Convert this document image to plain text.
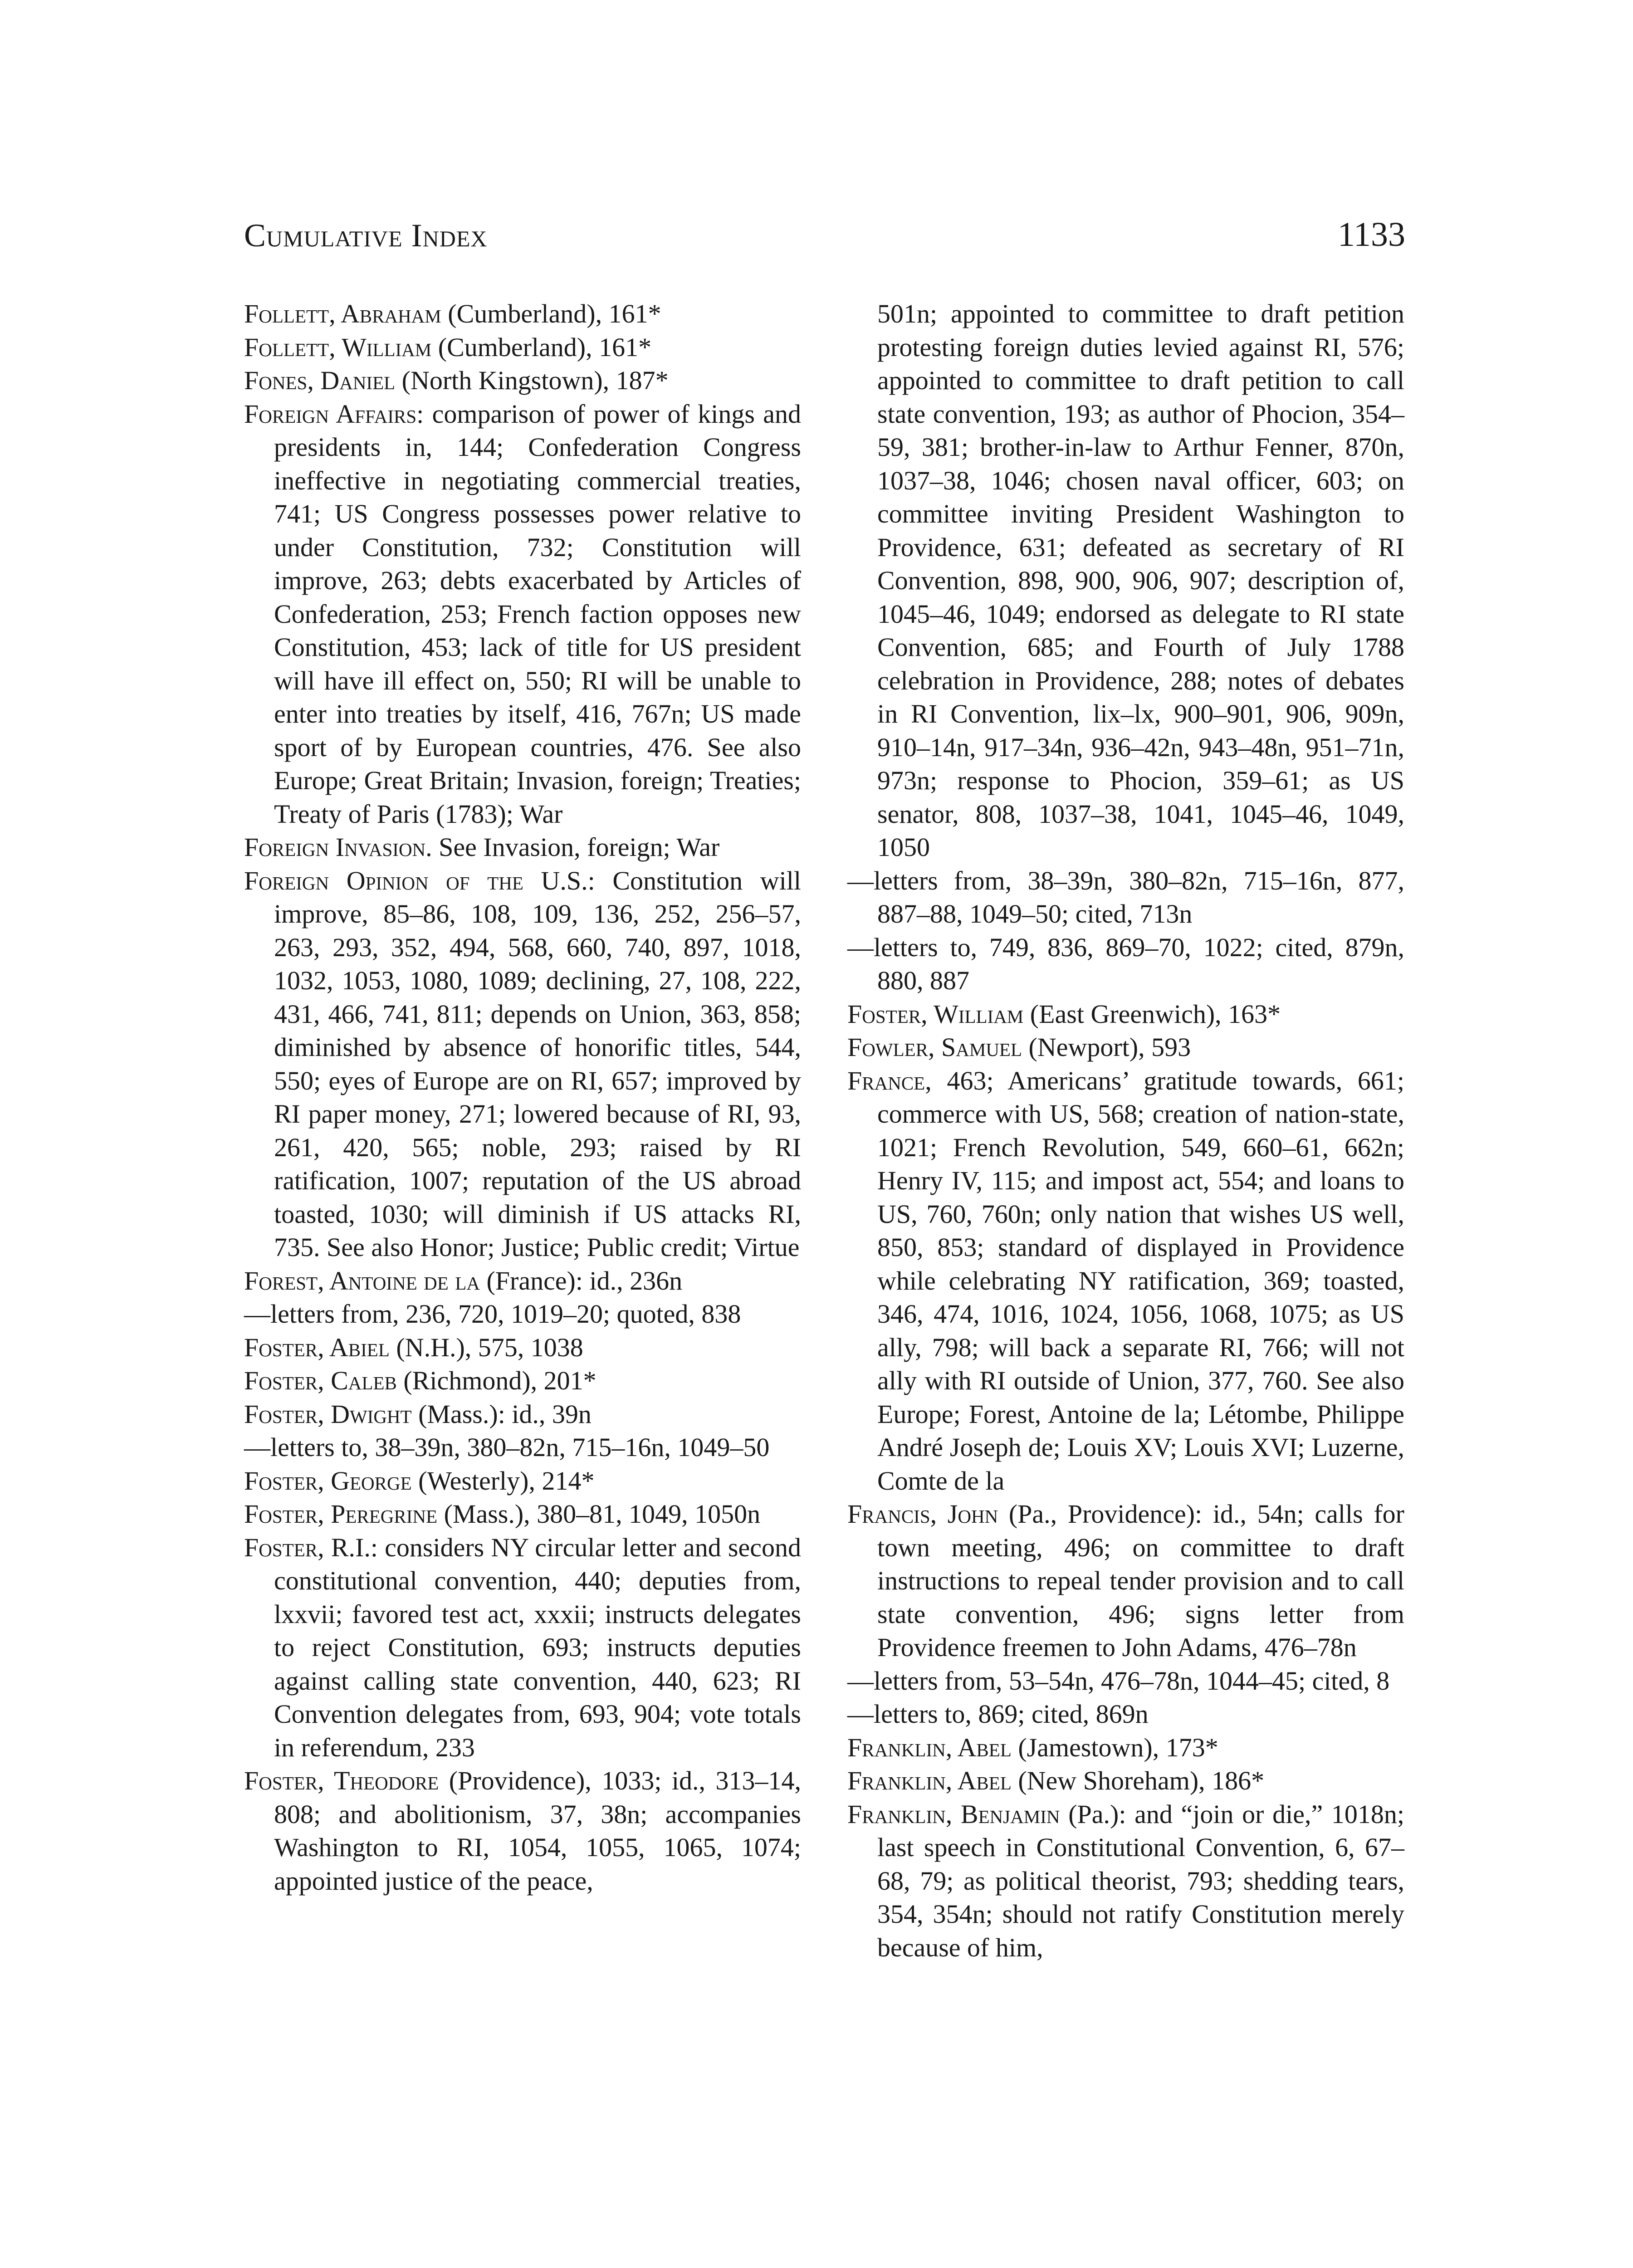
Cumulative Index	1133

Follett, Abraham (Cumberland), 161*

Follett, William (Cumberland), 161*

Fones, Daniel (North Kingstown), 187*

Foreign Affairs: comparison of power of kings and presidents in, 144; Confederation Congress ineffective in negotiating commercial treaties, 741; US Congress possesses power relative to under Constitution, 732; Constitution will improve, 263; debts exacerbated by Articles of Confederation, 253; French faction opposes new Constitution, 453; lack of title for US president will have ill effect on, 550; RI will be unable to enter into treaties by itself, 416, 767n; US made sport of by European countries, 476. See also Europe; Great Britain; Invasion, foreign; Treaties; Treaty of Paris (1783); War

Foreign Invasion. See Invasion, foreign; War

Foreign Opinion of the U.S.: Constitution will improve, 85–86, 108, 109, 136, 252, 256–57, 263, 293, 352, 494, 568, 660, 740, 897, 1018, 1032, 1053, 1080, 1089; declining, 27, 108, 222, 431, 466, 741, 811; depends on Union, 363, 858; diminished by absence of honorific titles, 544, 550; eyes of Europe are on RI, 657; improved by RI paper money, 271; lowered because of RI, 93, 261, 420, 565; noble, 293; raised by RI ratification, 1007; reputation of the US abroad toasted, 1030; will diminish if US attacks RI, 735. See also Honor; Justice; Public credit; Virtue

Forest, Antoine de la (France): id., 236n

—letters from, 236, 720, 1019–20; quoted, 838

Foster, Abiel (N.H.), 575, 1038

Foster, Caleb (Richmond), 201*

Foster, Dwight (Mass.): id., 39n

—letters to, 38–39n, 380–82n, 715–16n, 1049–50

Foster, George (Westerly), 214*

Foster, Peregrine (Mass.), 380–81, 1049, 1050n

Foster, R.I.: considers NY circular letter and second constitutional convention, 440; deputies from, lxxvii; favored test act, xxxii; instructs delegates to reject Constitution, 693; instructs deputies against calling state convention, 440, 623; RI Convention delegates from, 693, 904; vote totals in referendum, 233

Foster, Theodore (Providence), 1033; id., 313–14, 808; and abolitionism, 37, 38n; accompanies Washington to RI, 1054, 1055, 1065, 1074; appointed justice of the peace,

501n; appointed to committee to draft petition protesting foreign duties levied against RI, 576; appointed to committee to draft petition to call state convention, 193; as author of Phocion, 354–59, 381; brother-in-law to Arthur Fenner, 870n, 1037–38, 1046; chosen naval officer, 603; on committee inviting President Washington to Providence, 631; defeated as secretary of RI Convention, 898, 900, 906, 907; description of, 1045–46, 1049; endorsed as delegate to RI state Convention, 685; and Fourth of July 1788 celebration in Providence, 288; notes of debates in RI Convention, lix–lx, 900–901, 906, 909n, 910–14n, 917–34n, 936–42n, 943–48n, 951–71n, 973n; response to Phocion, 359–61; as US senator, 808, 1037–38, 1041, 1045–46, 1049, 1050

—letters from, 38–39n, 380–82n, 715–16n, 877, 887–88, 1049–50; cited, 713n

—letters to, 749, 836, 869–70, 1022; cited, 879n, 880, 887

Foster, William (East Greenwich), 163*

Fowler, Samuel (Newport), 593

France, 463; Americans’ gratitude towards, 661; commerce with US, 568; creation of nation-state, 1021; French Revolution, 549, 660–61, 662n; Henry IV, 115; and impost act, 554; and loans to US, 760, 760n; only nation that wishes US well, 850, 853; standard of displayed in Providence while celebrating NY ratification, 369; toasted, 346, 474, 1016, 1024, 1056, 1068, 1075; as US ally, 798; will back a separate RI, 766; will not ally with RI outside of Union, 377, 760. See also Europe; Forest, Antoine de la; Létombe, Philippe André Joseph de; Louis XV; Louis XVI; Luzerne, Comte de la

Francis, John (Pa., Providence): id., 54n; calls for town meeting, 496; on committee to draft instructions to repeal tender provision and to call state convention, 496; signs letter from Providence freemen to John Adams, 476–78n

—letters from, 53–54n, 476–78n, 1044–45; cited, 8

—letters to, 869; cited, 869n

Franklin, Abel (Jamestown), 173*

Franklin, Abel (New Shoreham), 186*

Franklin, Benjamin (Pa.): and “join or die,” 1018n; last speech in Constitutional Convention, 6, 67–68, 79; as political theorist, 793; shedding tears, 354, 354n; should not ratify Constitution merely because of him,
